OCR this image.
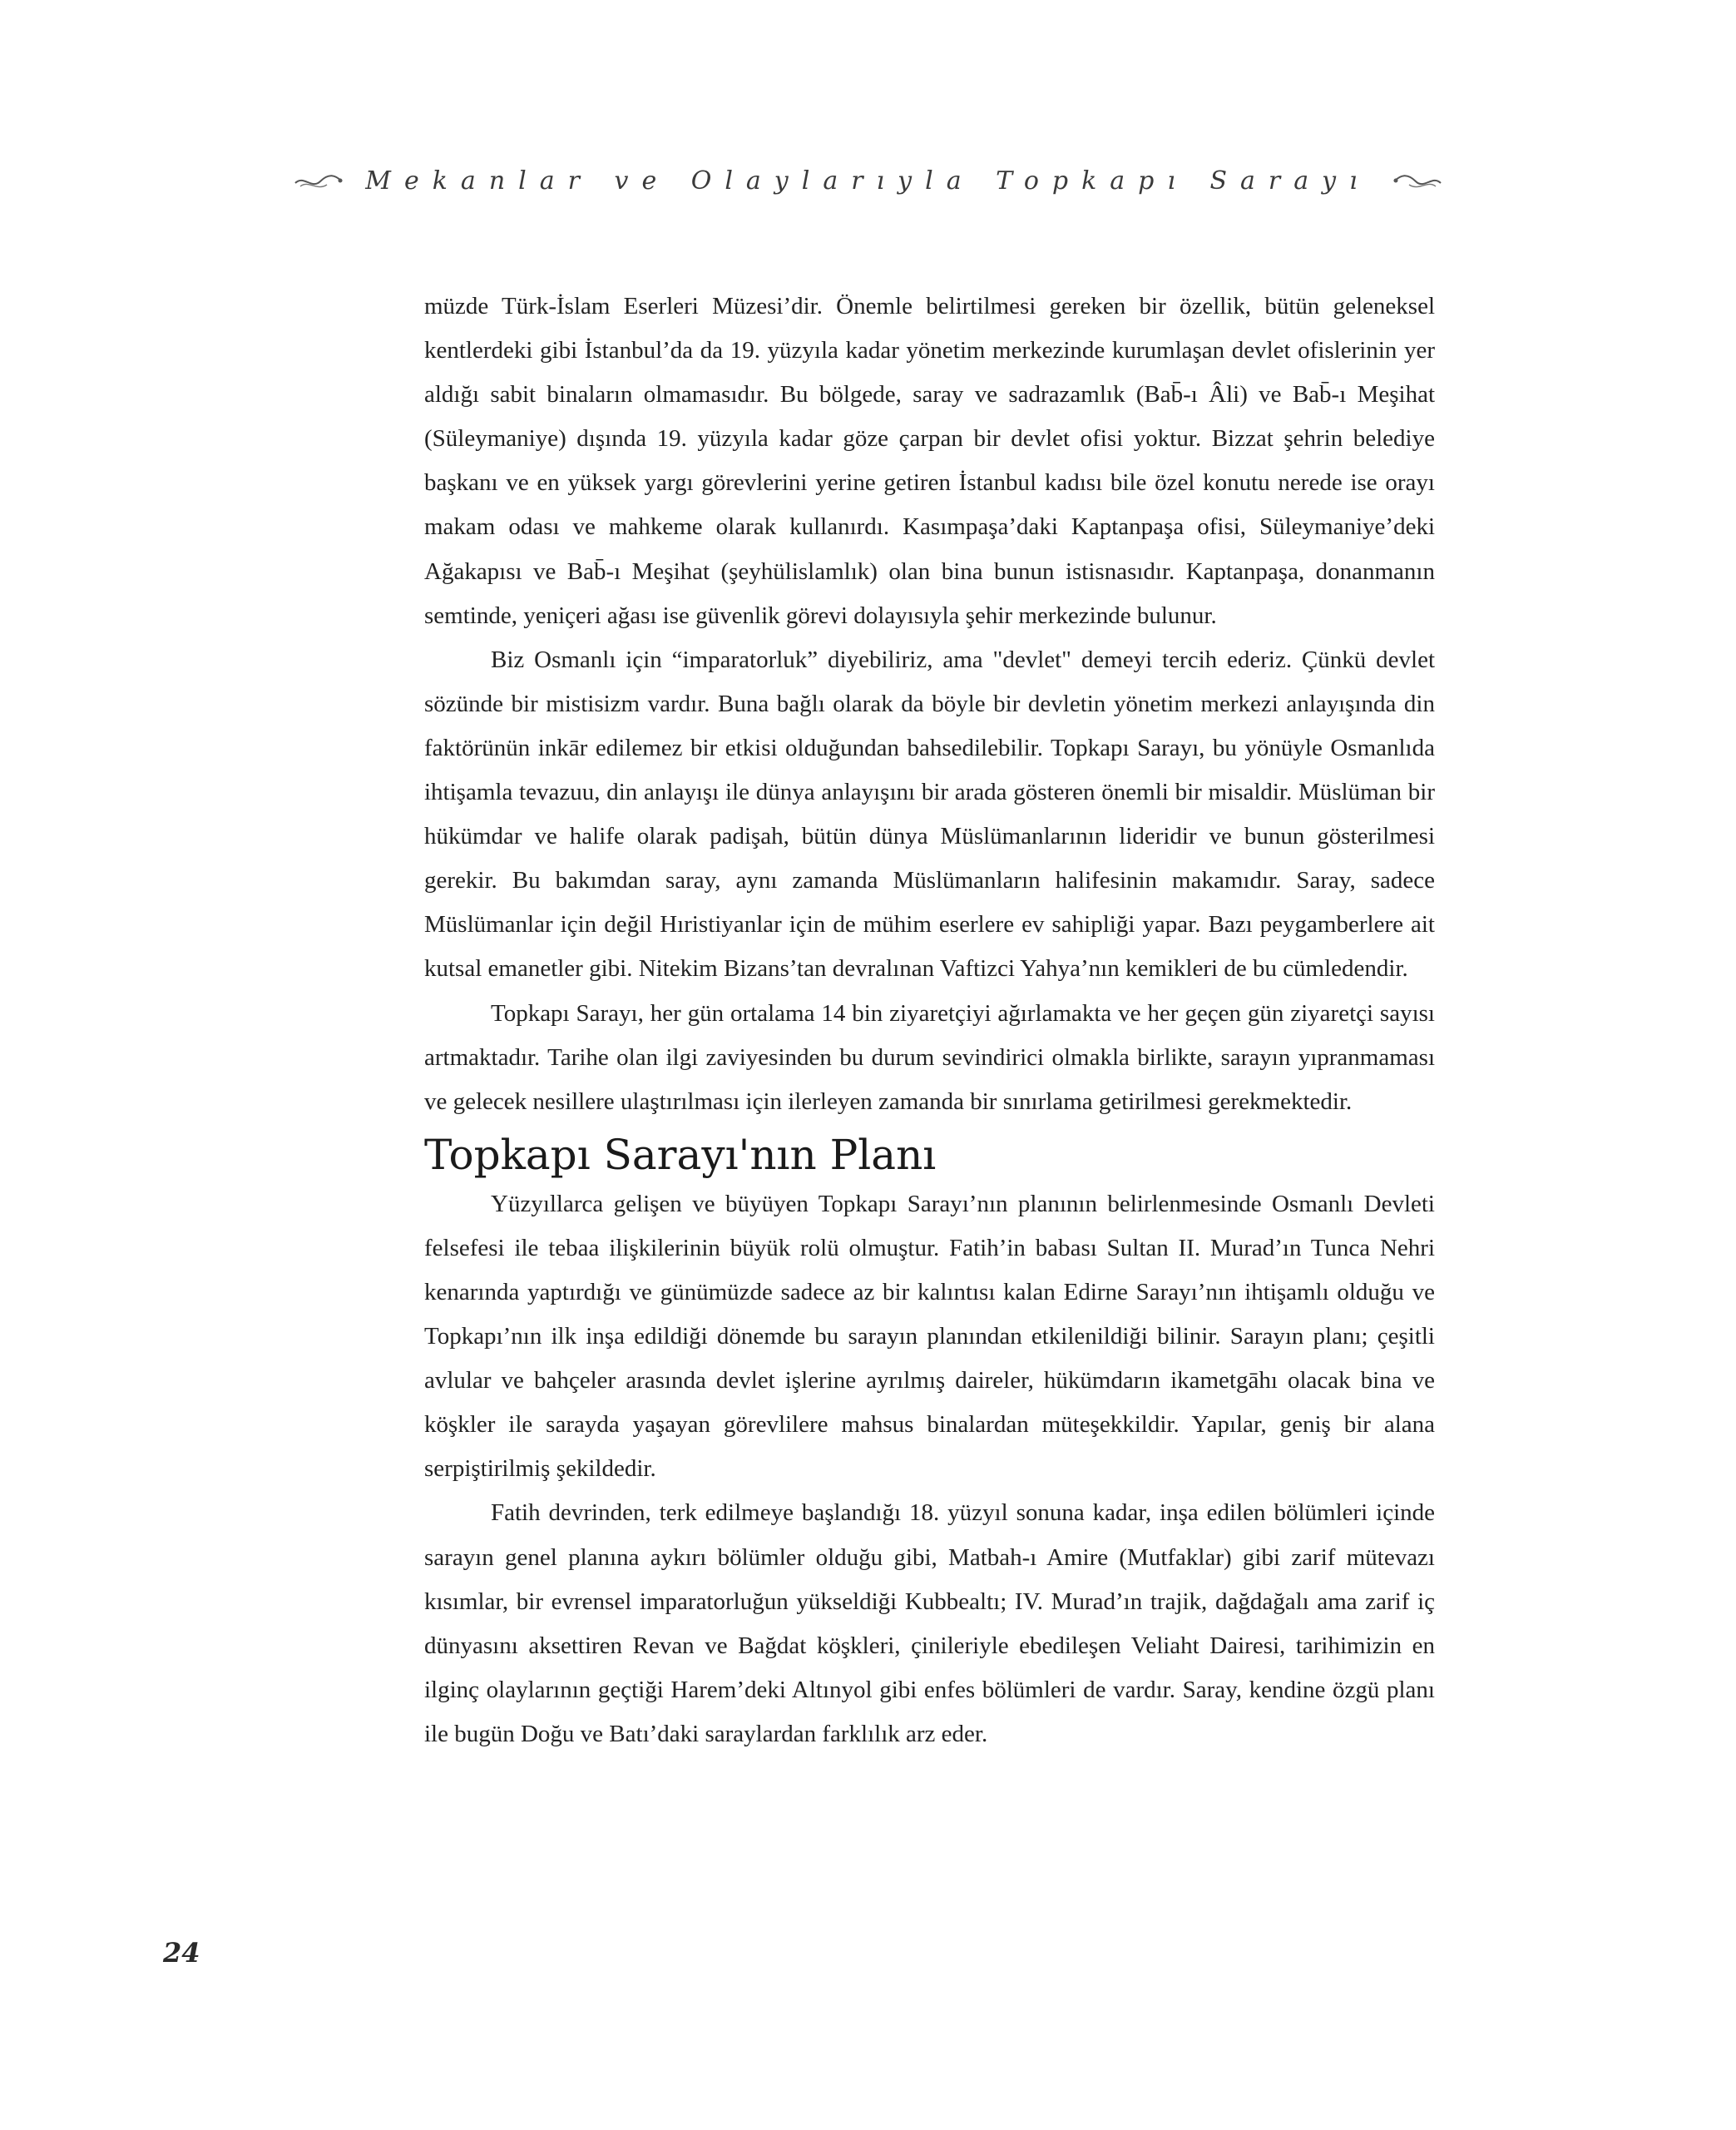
Mekanlar ve Olaylarıyla Topkapı Sarayı

müzde Türk-İslam Eserleri Müzesi’dir. Önemle belirtilmesi gereken bir özellik, bütün geleneksel kentlerdeki gibi İstanbul’da da 19. yüzyıla kadar yönetim merkezinde kurumlaşan devlet ofislerinin yer aldığı sabit binaların olmamasıdır. Bu bölgede, saray ve sadrazamlık (Bab̄-ı Âli) ve Bab̄-ı Meşihat (Süleymaniye) dışında 19. yüzyıla kadar göze çarpan bir devlet ofisi yoktur. Bizzat şehrin belediye başkanı ve en yüksek yargı görevlerini yerine getiren İstanbul kadısı bile özel konutu nerede ise orayı makam odası ve mahkeme olarak kullanırdı. Kasımpaşa’daki Kaptanpaşa ofisi, Süleymaniye’deki Ağakapısı ve Bab̄-ı Meşihat (şeyhülislamlık) olan bina bunun istisnasıdır. Kaptanpaşa, donanmanın semtinde, yeniçeri ağası ise güvenlik görevi dolayısıyla şehir merkezinde bulunur.

Biz Osmanlı için “imparatorluk” diyebiliriz, ama "devlet" demeyi tercih ederiz. Çünkü devlet sözünde bir mistisizm vardır. Buna bağlı olarak da böyle bir devletin yönetim merkezi anlayışında din faktörünün inkār edilemez bir etkisi olduğundan bahsedilebilir. Topkapı Sarayı, bu yönüyle Osmanlıda ihtişamla tevazuu, din anlayışı ile dünya anlayışını bir arada gösteren önemli bir misaldir. Müslüman bir hükümdar ve halife olarak padişah, bütün dünya Müslümanlarının lideridir ve bunun gösterilmesi gerekir. Bu bakımdan saray, aynı zamanda Müslümanların halifesinin makamıdır. Saray, sadece Müslümanlar için değil Hıristiyanlar için de mühim eserlere ev sahipliği yapar. Bazı peygamberlere ait kutsal emanetler gibi. Nitekim Bizans’tan devralınan Vaftizci Yahya’nın kemikleri de bu cümledendir.

Topkapı Sarayı, her gün ortalama 14 bin ziyaretçiyi ağırlamakta ve her geçen gün ziyaretçi sayısı artmaktadır. Tarihe olan ilgi zaviyesinden bu durum sevindirici olmakla birlikte, sarayın yıpranmaması ve gelecek nesillere ulaştırılması için ilerleyen zamanda bir sınırlama getirilmesi gerekmektedir.

Topkapı Sarayı'nın Planı

Yüzyıllarca gelişen ve büyüyen Topkapı Sarayı’nın planının belirlenmesinde Osmanlı Devleti felsefesi ile tebaa ilişkilerinin büyük rolü olmuştur. Fatih’in babası Sultan II. Murad’ın Tunca Nehri kenarında yaptırdığı ve günümüzde sadece az bir kalıntısı kalan Edirne Sarayı’nın ihtişamlı olduğu ve Topkapı’nın ilk inşa edildiği dönemde bu sarayın planından etkilenildiği bilinir. Sarayın planı; çeşitli avlular ve bahçeler arasında devlet işlerine ayrılmış daireler, hükümdarın ikametgāhı olacak bina ve köşkler ile sarayda yaşayan görevlilere mahsus binalardan müteşekkildir. Yapılar, geniş bir alana serpiştirilmiş şekildedir.

Fatih devrinden, terk edilmeye başlandığı 18. yüzyıl sonuna kadar, inşa edilen bölümleri içinde sarayın genel planına aykırı bölümler olduğu gibi, Matbah-ı Amire (Mutfaklar) gibi zarif mütevazı kısımlar, bir evrensel imparatorluğun yükseldiği Kubbealtı; IV. Murad’ın trajik, dağdağalı ama zarif iç dünyasını aksettiren Revan ve Bağdat köşkleri, çinileriyle ebedileşen Veliaht Dairesi, tarihimizin en ilginç olaylarının geçtiği Harem’deki Altınyol gibi enfes bölümleri de vardır. Saray, kendine özgü planı ile bugün Doğu ve Batı’daki saraylardan farklılık arz eder.

24
